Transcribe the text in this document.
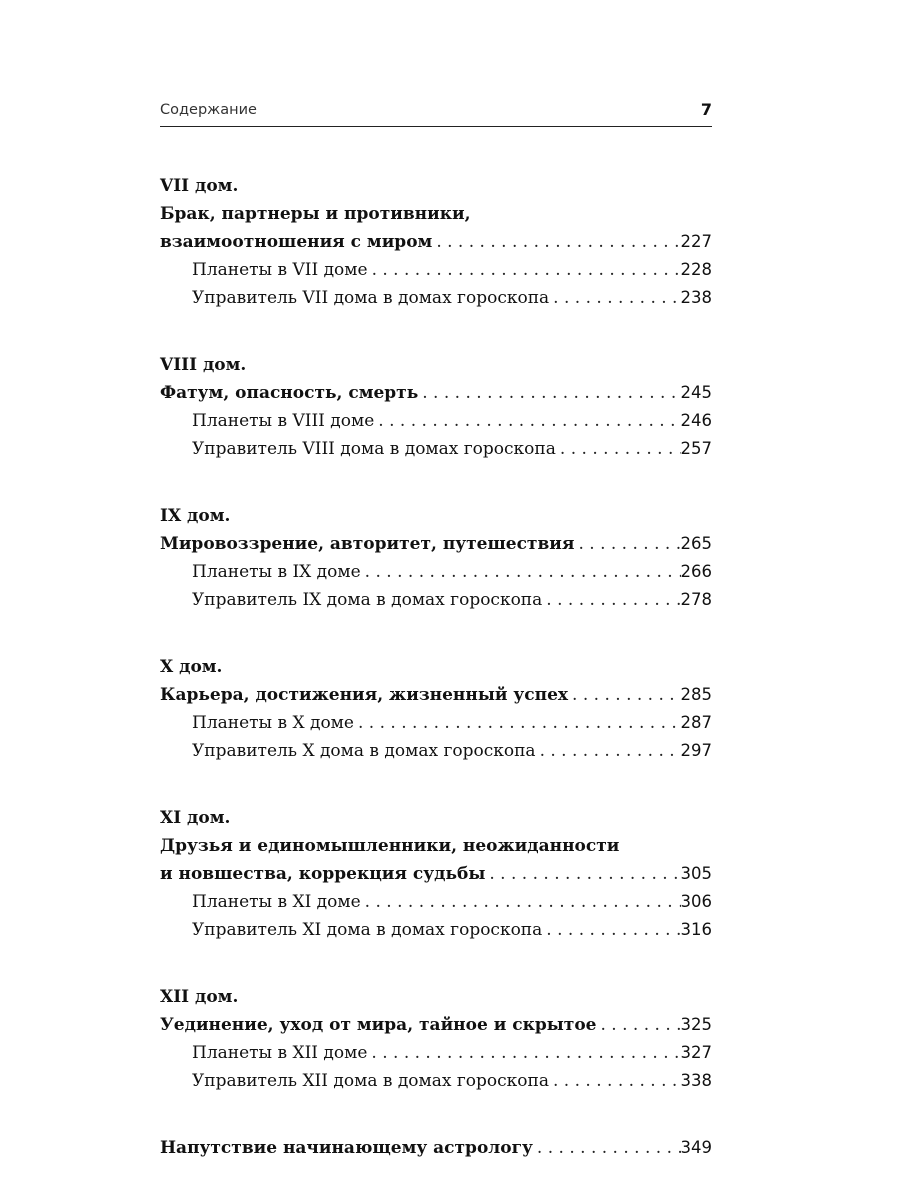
Содержание	7
VII дом.
Брак, партнеры и противники,
взаимоотношения с миром . . .	227
Планеты в VII доме . . .	228
Управитель VII дома в домах гороскопа . . .	238
VIII дом.
Фатум, опасность, смерть . . .	245
Планеты в VIII доме . . .	246
Управитель VIII дома в домах гороскопа . . .	257
IX дом.
Мировоззрение, авторитет, путешествия . . .	265
Планеты в IX доме . . .	266
Управитель IX дома в домах гороскопа . . .	278
X дом.
Карьера, достижения, жизненный успех . . .	285
Планеты в X доме . . .	287
Управитель X дома в домах гороскопа . . .	297
XI дом.
Друзья и единомышленники, неожиданности
и новшества, коррекция судьбы . . .	305
Планеты в XI доме . . .	306
Управитель XI дома в домах гороскопа . . .	316
XII дом.
Уединение, уход от мира, тайное и скрытое . . .	325
Планеты в XII доме . . .	327
Управитель XII дома в домах гороскопа . . .	338
Напутствие начинающему астрологу . . .	349
